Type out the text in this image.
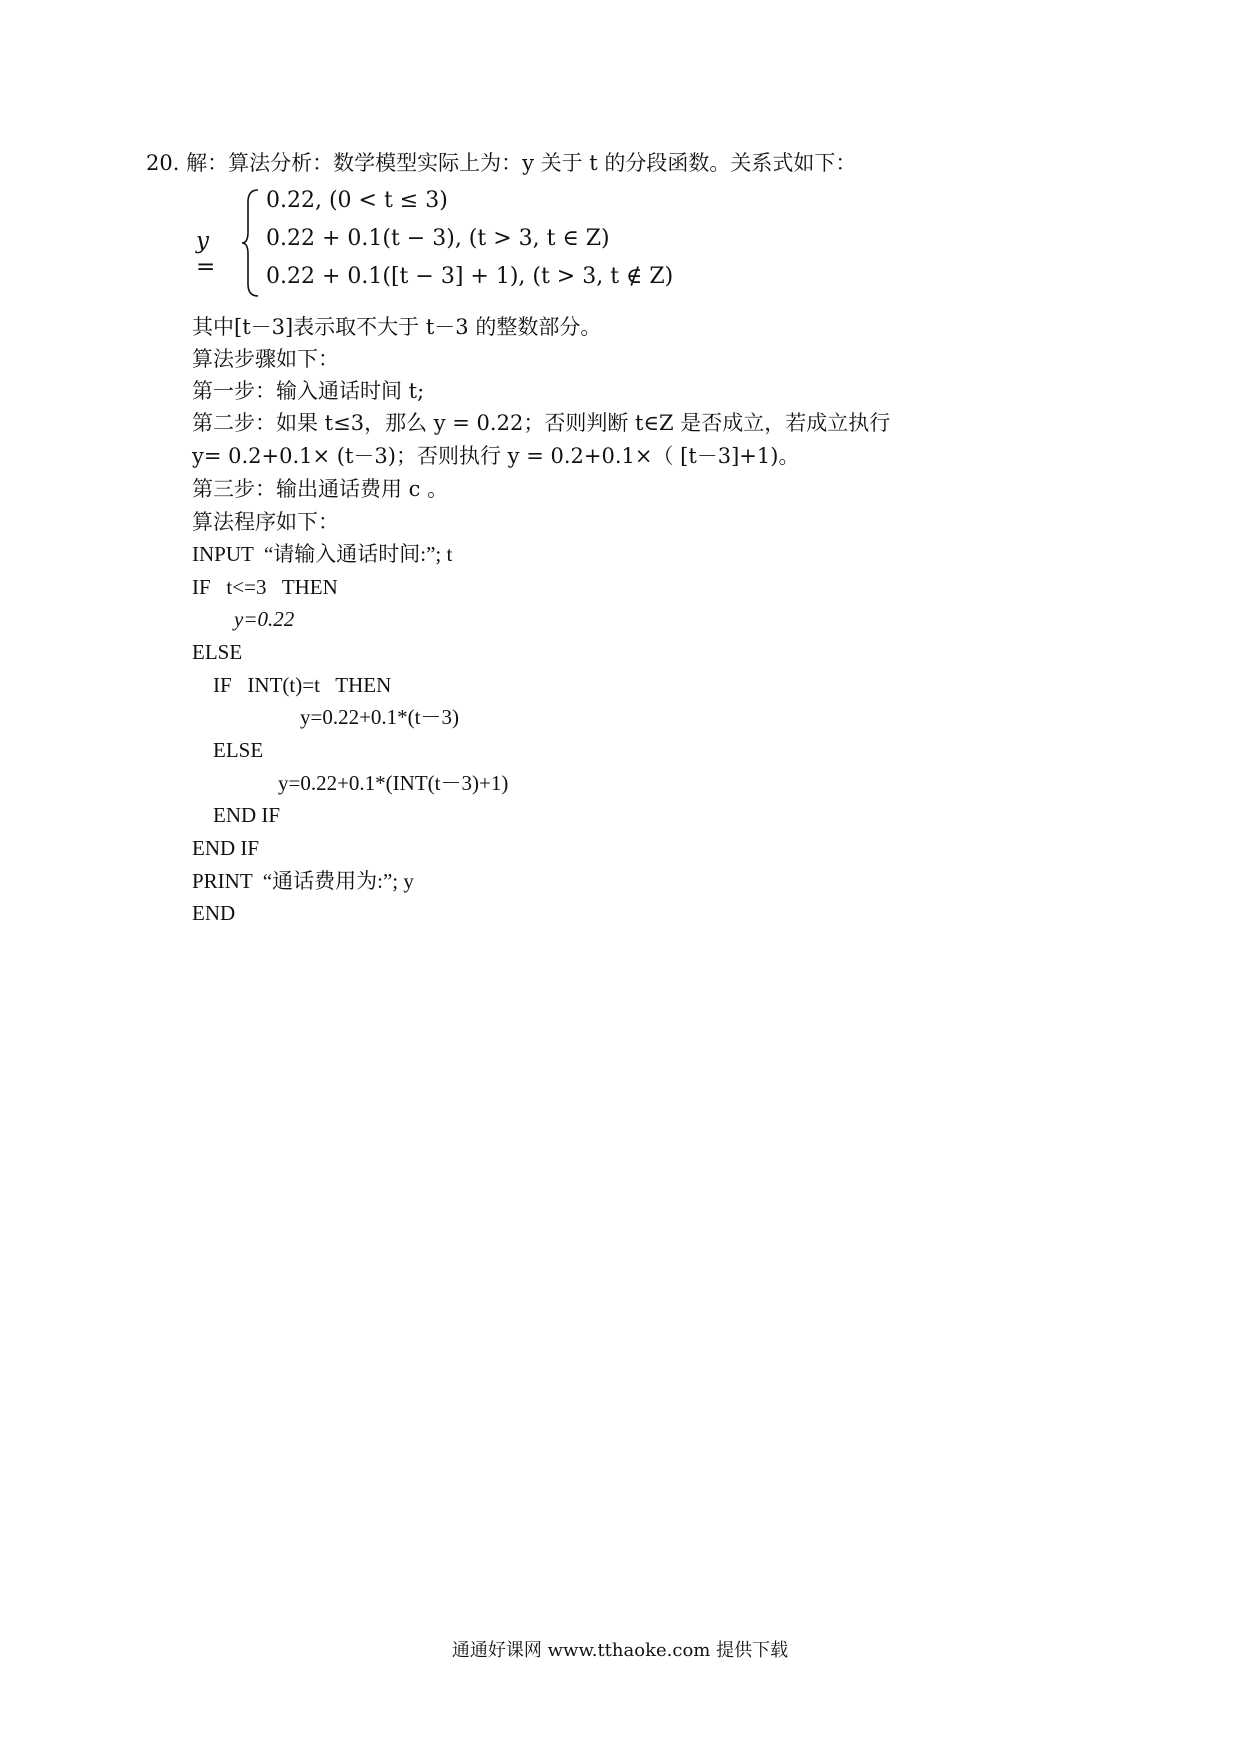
20. 解：算法分析：数学模型实际上为：y 关于 t 的分段函数。关系式如下：
y =
0.22, (0 < t ≤ 3)
0.22 + 0.1(t − 3), (t > 3, t ∈ Z)
0.22 + 0.1([t − 3] + 1), (t > 3, t ∉ Z)
其中[t－3]表示取不大于 t－3 的整数部分。
算法步骤如下：
第一步：输入通话时间 t;
第二步：如果 t≤3，那么 y = 0.22；否则判断 t∈Z 是否成立，若成立执行
y= 0.2+0.1× (t－3)；否则执行 y = 0.2+0.1×（ [t－3]+1)。
第三步：输出通话费用 c 。
算法程序如下：
INPUT  “请输入通话时间:”; t
IF   t<=3   THEN
y=0.22
ELSE
IF   INT(t)=t   THEN
y=0.22+0.1*(t－3)
ELSE
y=0.22+0.1*(INT(t－3)+1)
END IF
END IF
PRINT  “通话费用为:”; y
END
通通好课网 www.tthaoke.com 提供下载
